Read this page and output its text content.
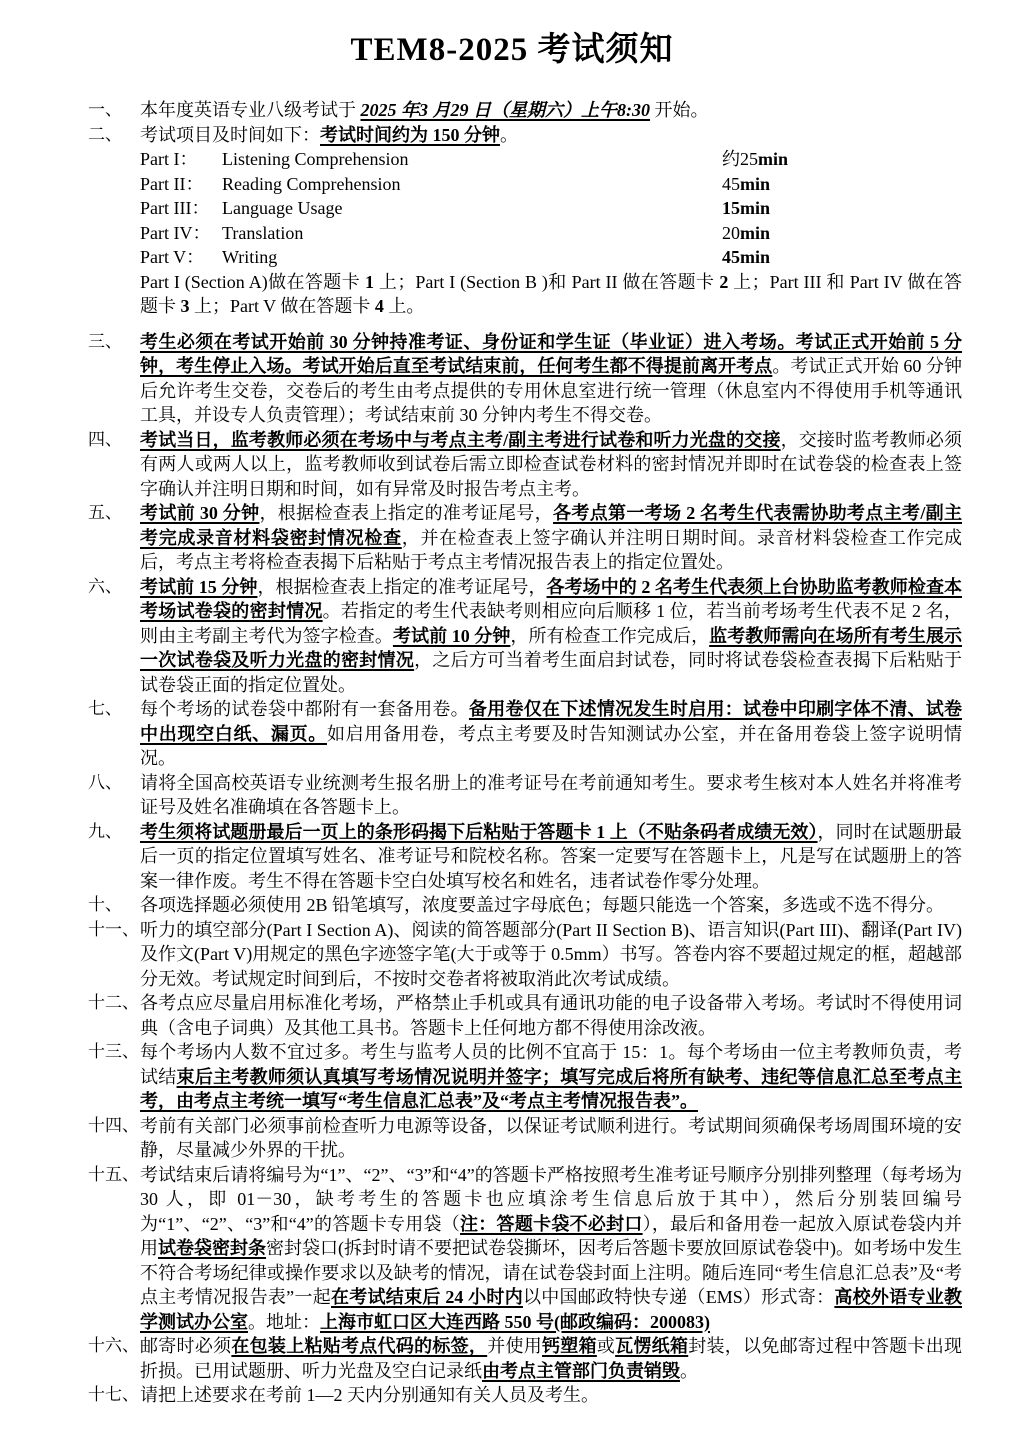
TEM8-2025 考试须知
一、	本年度英语专业八级考试于 2025 年3 月29 日（星期六）上午8:30 开始。
二、	考试项目及时间如下：考试时间约为 150 分钟。
Part I：	Listening Comprehension	约25min
Part II：	Reading Comprehension	45min
Part III： Language Usage	15min
Part IV： Translation	20min
Part V： Writing	45min
Part I (Section A)做在答题卡 1 上；Part I (Section B )和 Part II 做在答题卡 2 上；Part III 和 Part IV 做在答题卡 3 上；Part V 做在答题卡 4 上。
三、	考生必须在考试开始前 30 分钟持准考证、身份证和学生证（毕业证）进入考场。考试正式开始前 5 分钟，考生停止入场。考试开始后直至考试结束前，任何考生都不得提前离开考点。考试正式开始 60 分钟后允许考生交卷，交卷后的考生由考点提供的专用休息室进行统一管理（休息室内不得使用手机等通讯工具，并设专人负责管理）；考试结束前 30 分钟内考生不得交卷。
四、	考试当日，监考教师必须在考场中与考点主考/副主考进行试卷和听力光盘的交接，交接时监考教师必须有两人或两人以上，监考教师收到试卷后需立即检查试卷材料的密封情况并即时在试卷袋的检查表上签字确认并注明日期和时间，如有异常及时报告考点主考。
五、	考试前 30 分钟，根据检查表上指定的准考证尾号，各考点第一考场 2 名考生代表需协助考点主考/副主考完成录音材料袋密封情况检查，并在检查表上签字确认并注明日期时间。录音材料袋检查工作完成后，考点主考将检查表揭下后粘贴于考点主考情况报告表上的指定位置处。
六、	考试前 15 分钟，根据检查表上指定的准考证尾号，各考场中的 2 名考生代表须上台协助监考教师检查本考场试卷袋的密封情况。若指定的考生代表缺考则相应向后顺移 1 位，若当前考场考生代表不足 2 名，则由主考副主考代为签字检查。考试前 10 分钟，所有检查工作完成后，监考教师需向在场所有考生展示一次试卷袋及听力光盘的密封情况，之后方可当着考生面启封试卷，同时将试卷袋检查表揭下后粘贴于试卷袋正面的指定位置处。
七、	每个考场的试卷袋中都附有一套备用卷。备用卷仅在下述情况发生时启用：试卷中印刷字体不清、试卷中出现空白纸、漏页。如启用备用卷，考点主考要及时告知测试办公室，并在备用卷袋上签字说明情况。
八、	请将全国高校英语专业统测考生报名册上的准考证号在考前通知考生。要求考生核对本人姓名并将准考证号及姓名准确填在各答题卡上。
九、	考生须将试题册最后一页上的条形码揭下后粘贴于答题卡 1 上（不贴条码者成绩无效），同时在试题册最后一页的指定位置填写姓名、准考证号和院校名称。答案一定要写在答题卡上，凡是写在试题册上的答案一律作废。考生不得在答题卡空白处填写校名和姓名，违者试卷作零分处理。
十、	各项选择题必须使用 2B 铅笔填写，浓度要盖过字母底色；每题只能选一个答案，多选或不选不得分。
十一、 听力的填空部分(Part I Section A)、阅读的简答题部分(Part II Section B)、语言知识(Part III)、翻译(Part IV)及作文(Part V)用规定的黑色字迹签字笔(大于或等于 0.5mm）书写。答卷内容不要超过规定的框，超越部分无效。考试规定时间到后，不按时交卷者将被取消此次考试成绩。
十二、 各考点应尽量启用标准化考场，严格禁止手机或具有通讯功能的电子设备带入考场。考试时不得使用词典（含电子词典）及其他工具书。答题卡上任何地方都不得使用涂改液。
十三、 每个考场内人数不宜过多。考生与监考人员的比例不宜高于 15：1。每个考场由一位主考教师负责，考试结束后主考教师须认真填写考场情况说明并签字；填写完成后将所有缺考、违纪等信息汇总至考点主考，由考点主考统一填写“考生信息汇总表”及“考点主考情况报告表”。
十四、 考前有关部门必须事前检查听力电源等设备，以保证考试顺利进行。考试期间须确保考场周围环境的安静，尽量减少外界的干扰。
十五、 考试结束后请将编号为“1”、“2”、“3”和“4”的答题卡严格按照考生准考证号顺序分别排列整理（每考场为 30 人，即 01－30，缺考考生的答题卡也应填涂考生信息后放于其中），然后分别装回编号为“1”、“2”、“3”和“4”的答题卡专用袋（注：答题卡袋不必封口），最后和备用卷一起放入原试卷袋内并用试卷袋密封条密封袋口(拆封时请不要把试卷袋撕坏，因考后答题卡要放回原试卷袋中)。如考场中发生不符合考场纪律或操作要求以及缺考的情况，请在试卷袋封面上注明。随后连同“考生信息汇总表”及“考点主考情况报告表”一起在考试结束后 24 小时内以中国邮政特快专递（EMS）形式寄：高校外语专业教学测试办公室。地址：上海市虹口区大连西路 550 号(邮政编码：200083)
十六、 邮寄时必须在包装上粘贴考点代码的标签，并使用钙塑箱或瓦愣纸箱封装，以免邮寄过程中答题卡出现折损。已用试题册、听力光盘及空白记录纸由考点主管部门负责销毁。
十七、 请把上述要求在考前 1—2 天内分别通知有关人员及考生。
